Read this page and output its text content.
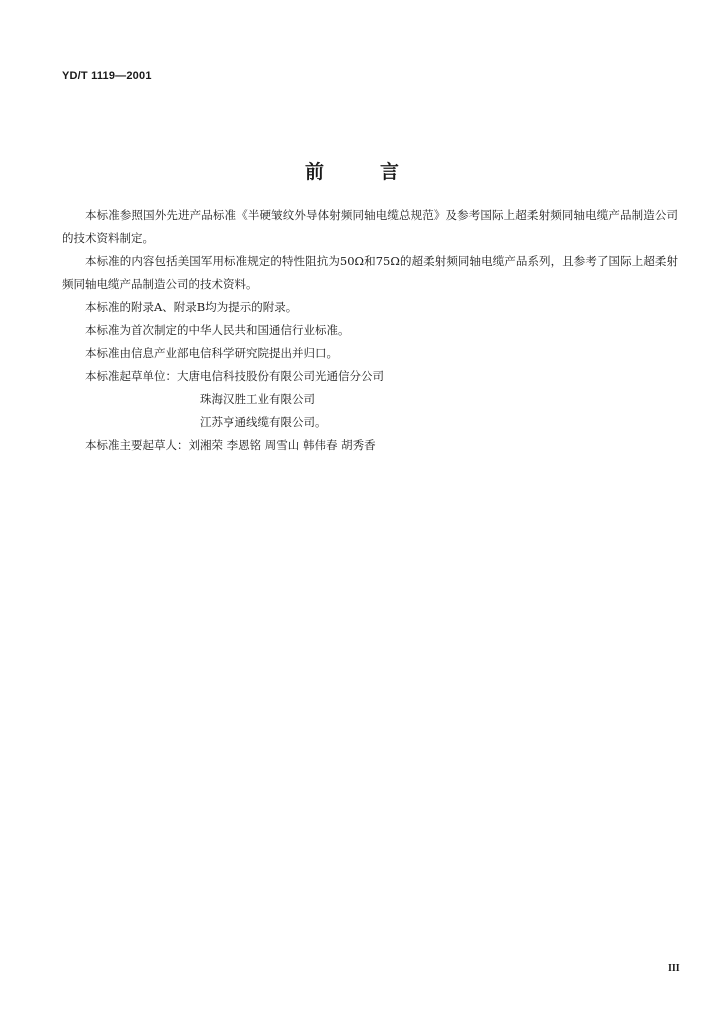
YD/T 1119—2001
前	言

本标准参照国外先进产品标准《半硬皱纹外导体射频同轴电缆总规范》及参考国际上超柔射频同轴电缆产品制造公司的技术资料制定。

本标准的内容包括美国军用标准规定的特性阻抗为50Ω和75Ω的超柔射频同轴电缆产品系列，且参考了国际上超柔射频同轴电缆产品制造公司的技术资料。

本标准的附录A、附录B均为提示的附录。

本标准为首次制定的中华人民共和国通信行业标准。

本标准由信息产业部电信科学研究院提出并归口。

本标准起草单位：大唐电信科技股份有限公司光通信分公司

珠海汉胜工业有限公司

江苏亨通线缆有限公司。

本标准主要起草人：刘湘荣 李恩铭 周雪山 韩伟春 胡秀香

III
